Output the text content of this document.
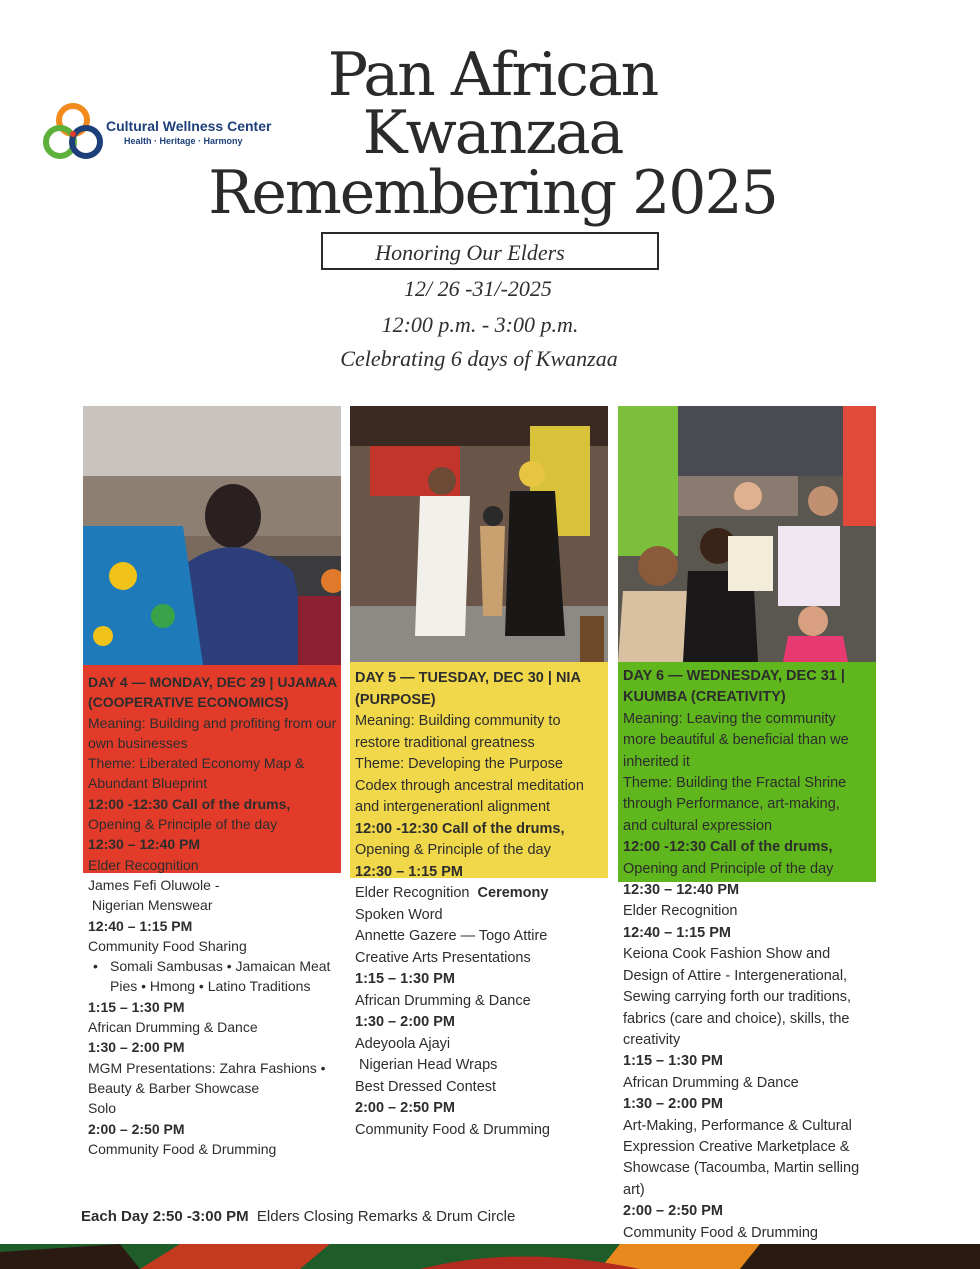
Cultural Wellness Center
Health · Heritage · Harmony
Pan African
Kwanzaa
Remembering 2025
Honoring Our Elders
12/ 26 -31/-2025
12:00 p.m. - 3:00 p.m.
Celebrating 6 days of Kwanzaa
DAY 4 — MONDAY, DEC 29 | UJAMAA
(COOPERATIVE ECONOMICS)
Meaning: Building and profiting from our
own businesses
Theme: Liberated Economy Map &
Abundant Blueprint
12:00 -12:30 Call of the drums,
Opening & Principle of the day
12:30 – 12:40 PM
Elder Recognition
James Fefi Oluwole -
Nigerian Menswear
12:40 – 1:15 PM
Community Food Sharing
• Somali Sambusas • Jamaican Meat
Pies • Hmong • Latino Traditions
1:15 – 1:30 PM
African Drumming & Dance
1:30 – 2:00 PM
MGM Presentations: Zahra Fashions •
Beauty & Barber Showcase
Solo
2:00 – 2:50 PM
Community Food & Drumming
DAY 5 — TUESDAY, DEC 30 | NIA
(PURPOSE)
Meaning: Building community to
restore traditional greatness
Theme: Developing the Purpose
Codex through ancestral meditation
and intergenerationl alignment
12:00 -12:30 Call of the drums,
Opening & Principle of the day
12:30 – 1:15 PM
Elder Recognition Ceremony
Spoken Word
Annette Gazere — Togo Attire
Creative Arts Presentations
1:15 – 1:30 PM
African Drumming & Dance
1:30 – 2:00 PM
Adeyoola Ajayi
Nigerian Head Wraps
Best Dressed Contest
2:00 – 2:50 PM
Community Food & Drumming
DAY 6 — WEDNESDAY, DEC 31 |
KUUMBA (CREATIVITY)
Meaning: Leaving the community
more beautiful & beneficial than we
inherited it
Theme: Building the Fractal Shrine
through Performance, art-making,
and cultural expression
12:00 -12:30 Call of the drums,
Opening and Principle of the day
12:30 – 12:40 PM
Elder Recognition
12:40 – 1:15 PM
Keiona Cook Fashion Show and
Design of Attire - Intergenerational,
Sewing carrying forth our traditions,
fabrics (care and choice), skills, the
creativity
1:15 – 1:30 PM
African Drumming & Dance
1:30 – 2:00 PM
Art-Making, Performance & Cultural
Expression Creative Marketplace &
Showcase (Tacoumba, Martin selling
art)
2:00 – 2:50 PM
Community Food & Drumming
Each Day 2:50 -3:00 PM Elders Closing Remarks & Drum Circle
